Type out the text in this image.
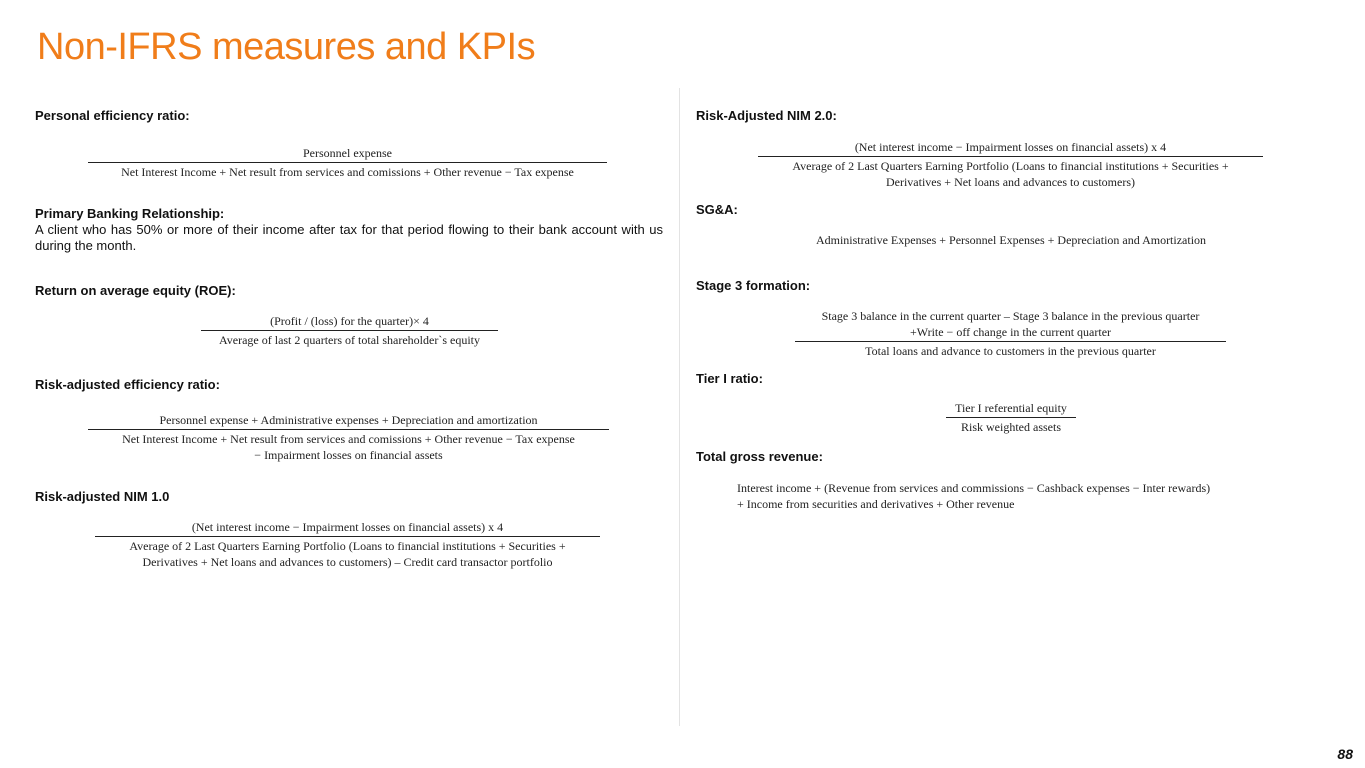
Non-IFRS measures and KPIs
Personal efficiency ratio:
Personnel expense
Net Interest Income + Net result from services and comissions + Other revenue − Tax expense
Primary Banking Relationship:
A client who has 50% or more of their income after tax for that period flowing to their bank account with us during the month.
Return on average equity (ROE):
(Profit / (loss) for the quarter)× 4
Average of last 2 quarters of total shareholder`s equity
Risk-adjusted efficiency ratio:
Personnel expense + Administrative expenses + Depreciation and amortization
Net Interest Income + Net result from services and comissions + Other revenue − Tax expense
− Impairment losses on financial assets
Risk-adjusted NIM 1.0
(Net interest income − Impairment losses on financial assets) x 4
Average of 2 Last Quarters Earning Portfolio (Loans to financial institutions + Securities +
Derivatives + Net loans and advances to customers) – Credit card transactor portfolio
Risk-Adjusted NIM 2.0:
(Net interest income − Impairment losses on financial assets) x 4
Average of 2 Last Quarters Earning Portfolio (Loans to financial institutions + Securities +
Derivatives + Net loans and advances to customers)
SG&A:
Administrative Expenses + Personnel Expenses + Depreciation and Amortization
Stage 3 formation:
Stage 3 balance in the current quarter – Stage 3 balance in the previous quarter
+Write − off change in the current quarter
Total loans and advance to customers in the previous quarter
Tier I ratio:
Tier I referential equity
Risk weighted assets
Total gross revenue:
Interest income + (Revenue from services and commissions − Cashback expenses − Inter rewards)
+ Income from securities and derivatives + Other revenue
88
